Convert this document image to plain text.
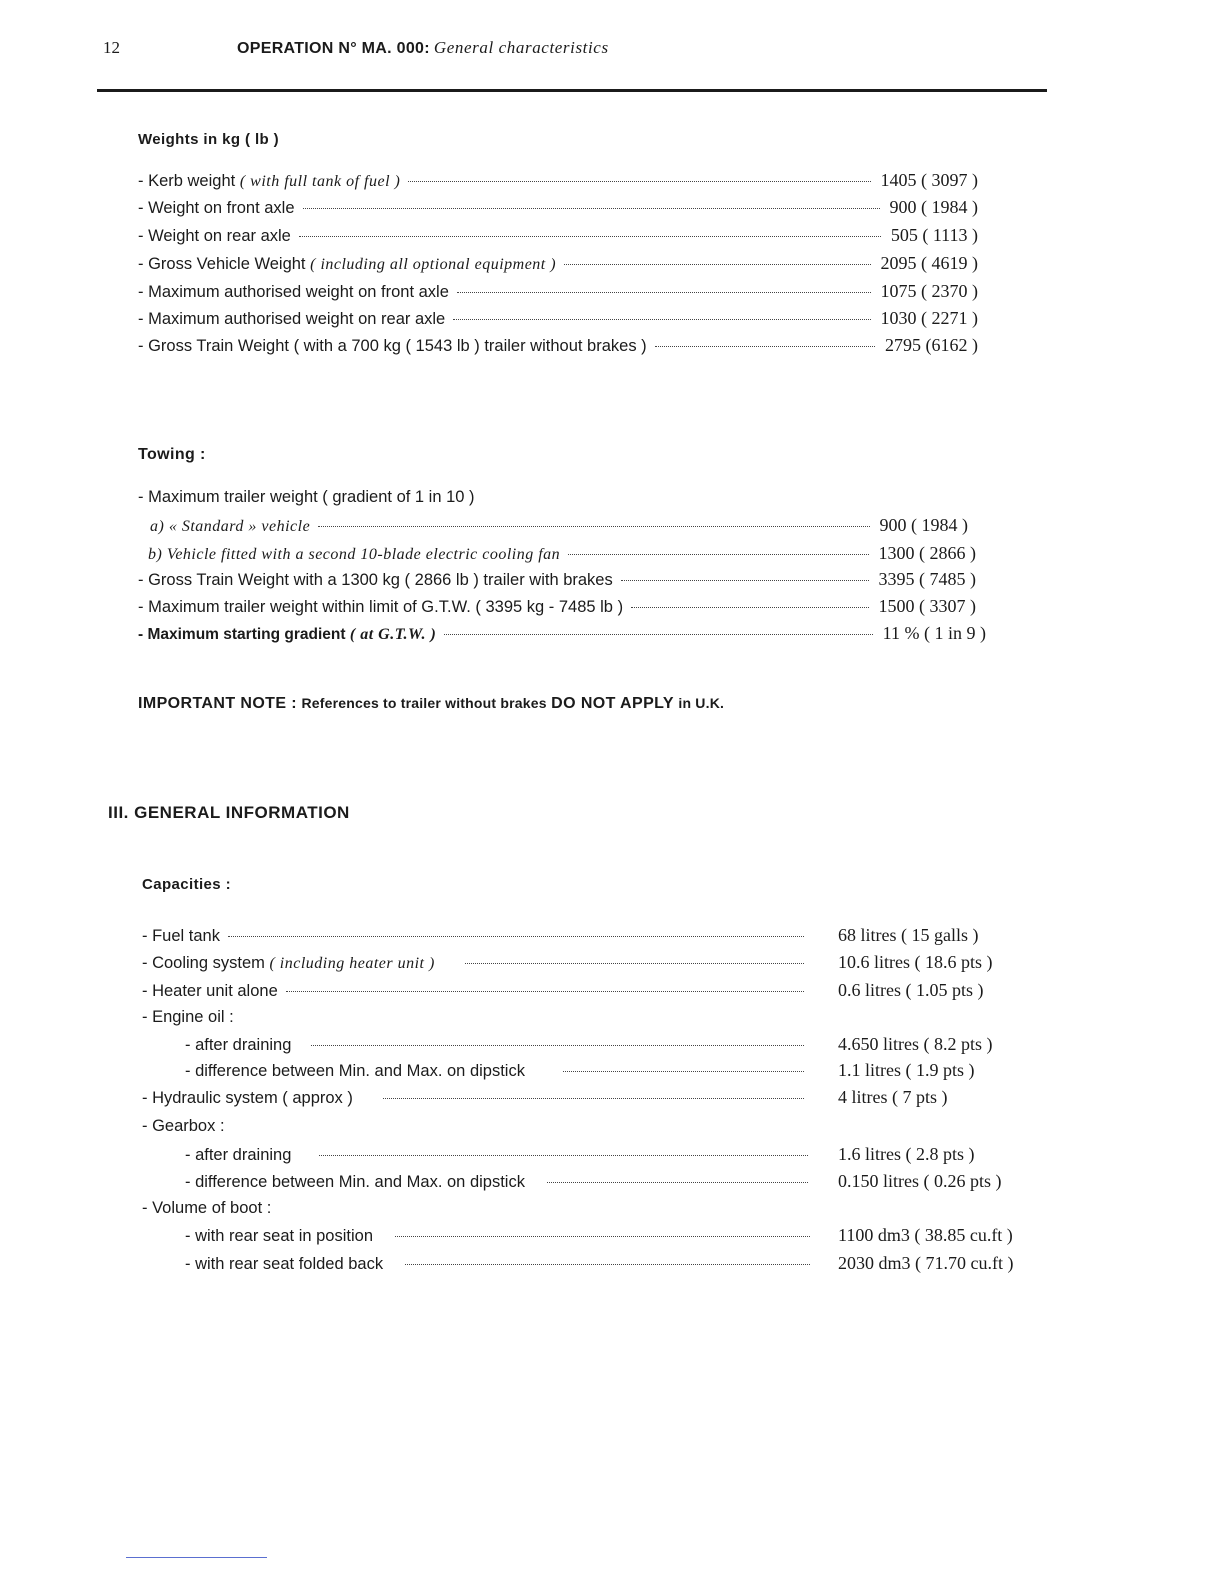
12	OPERATION N° MA. 000: General characteristics
Weights in kg ( lb )
- Kerb weight ( with full tank of fuel )	1405 ( 3097 )
- Weight on front axle	900 ( 1984 )
- Weight on rear axle	505 ( 1113 )
- Gross Vehicle Weight ( including all optional equipment )	2095 ( 4619 )
- Maximum authorised weight on front axle	1075 ( 2370 )
- Maximum authorised weight on rear axle	1030 ( 2271 )
- Gross Train Weight ( with a 700 kg ( 1543 lb ) trailer without brakes )	2795 (6162 )
Towing :
- Maximum trailer weight ( gradient of 1 in 10 )
a) « Standard » vehicle	900 ( 1984 )
b) Vehicle fitted with a second 10-blade electric cooling fan	1300 ( 2866 )
- Gross Train Weight with a 1300 kg ( 2866 lb ) trailer with brakes	3395 ( 7485 )
- Maximum trailer weight within limit of G.T.W. ( 3395 kg - 7485 lb )	1500 ( 3307 )
- Maximum starting gradient ( at G.T.W. )	11 % ( 1 in 9 )
IMPORTANT NOTE : References to trailer without brakes DO NOT APPLY in U.K.
III. GENERAL INFORMATION
Capacities :
- Fuel tank	68 litres ( 15 galls )
- Cooling system ( including heater unit )	10.6 litres ( 18.6 pts )
- Heater unit alone	0.6 litres ( 1.05 pts )
- Engine oil :
- after draining	4.650 litres ( 8.2 pts )
- difference between Min. and Max. on dipstick	1.1 litres ( 1.9 pts )
- Hydraulic system ( approx )	4 litres ( 7 pts )
- Gearbox :
- after draining	1.6 litres ( 2.8 pts )
- difference between Min. and Max. on dipstick	0.150 litres ( 0.26 pts )
- Volume of boot :
- with rear seat in position	1100 dm3 ( 38.85 cu.ft )
- with rear seat folded back	2030 dm3 ( 71.70 cu.ft )
